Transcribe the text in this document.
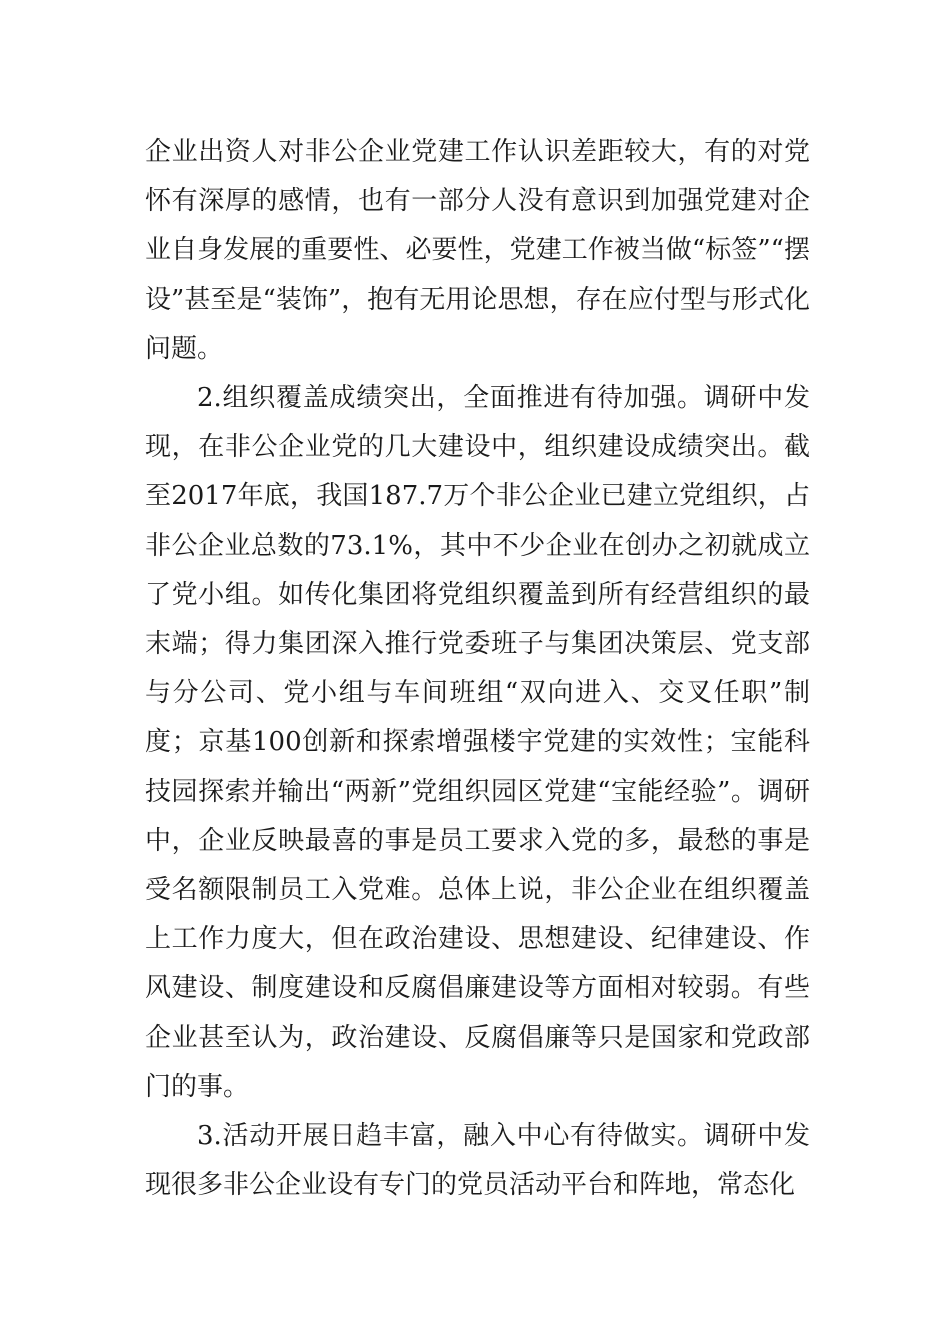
企业出资人对非公企业党建工作认识差距较大，有的对党怀有深厚的感情，也有一部分人没有意识到加强党建对企业自身发展的重要性、必要性，党建工作被当做“标签”“摆设”甚至是“装饰”，抱有无用论思想，存在应付型与形式化问题。

2.组织覆盖成绩突出，全面推进有待加强。调研中发现，在非公企业党的几大建设中，组织建设成绩突出。截至2017年底，我国187.7万个非公企业已建立党组织，占非公企业总数的73.1%，其中不少企业在创办之初就成立了党小组。如传化集团将党组织覆盖到所有经营组织的最末端；得力集团深入推行党委班子与集团决策层、党支部与分公司、党小组与车间班组“双向进入、交叉任职”制度；京基100创新和探索增强楼宇党建的实效性；宝能科技园探索并输出“两新”党组织园区党建“宝能经验”。调研中，企业反映最喜的事是员工要求入党的多，最愁的事是受名额限制员工入党难。总体上说，非公企业在组织覆盖上工作力度大，但在政治建设、思想建设、纪律建设、作风建设、制度建设和反腐倡廉建设等方面相对较弱。有些企业甚至认为，政治建设、反腐倡廉等只是国家和党政部门的事。

3.活动开展日趋丰富，融入中心有待做实。调研中发现很多非公企业设有专门的党员活动平台和阵地，常态化
